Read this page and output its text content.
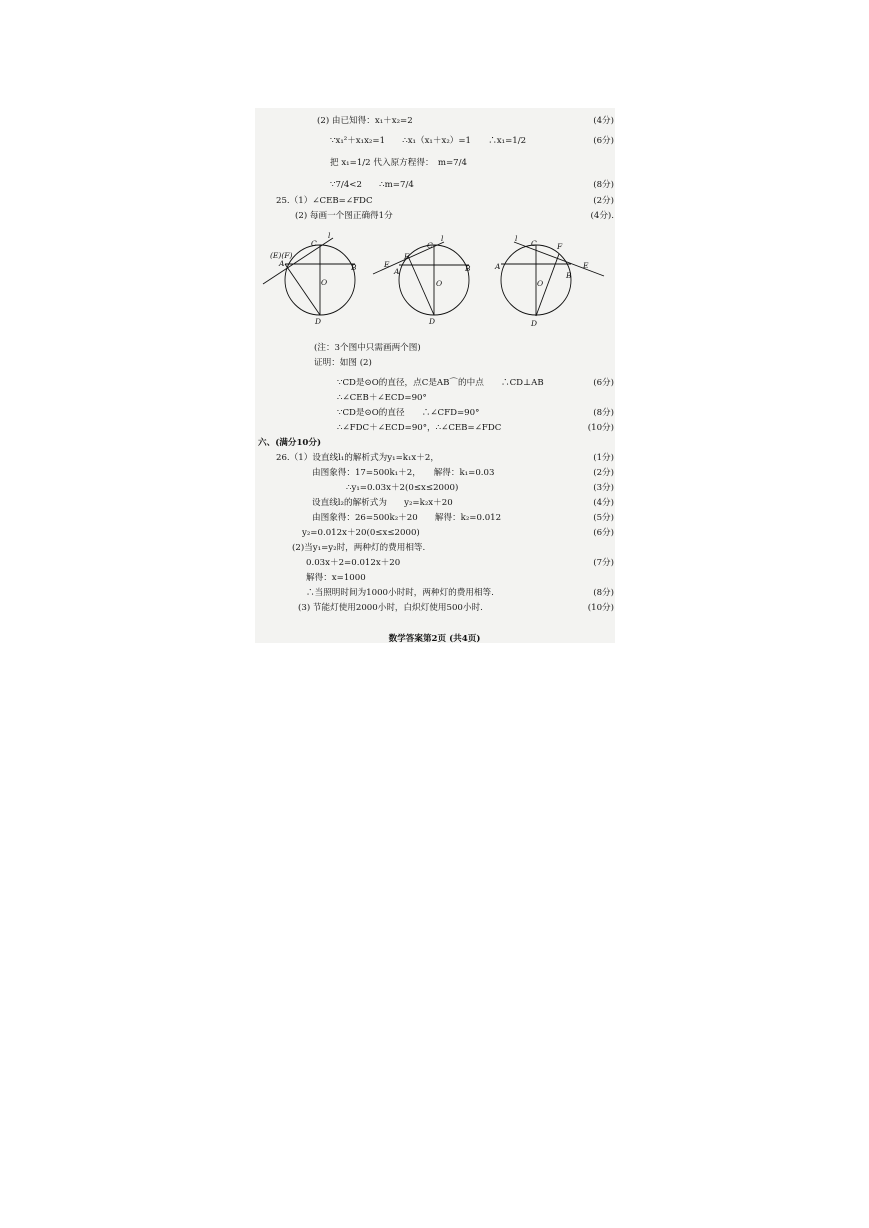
(2) 由已知得：x₁＋x₂=2	(4分)
∵x₁²＋x₁x₂=1　　∴x₁（x₁＋x₂）=1　　∴x₁=1/2	(6分)
把 x₁=1/2 代入原方程得：　m=7/4
∵7/4<2　　∴m=7/4	(8分)
25.（1）∠CEB=∠FDC	(2分)
(2) 每画一个图正确得1分	(4分).
(E)(F)
A
C
l
B
O
D
E
F
A
C
l
B
O
D
l
C	F
A
B
E
O
D
(注：3个图中只需画两个图)
证明：如图 (2)
∵CD是⊙O的直径，点C是AB⌒的中点　　∴CD⊥AB	(6分)
∴∠CEB＋∠ECD=90°
∵CD是⊙O的直径　　∴∠CFD=90°	(8分)
∴∠FDC＋∠ECD=90°，∴∠CEB=∠FDC	(10分)
六、(满分10分)
26.（1）设直线l₁的解析式为y₁=k₁x＋2，	(1分)
由图象得：17=500k₁＋2，　　解得：k₁=0.03	(2分)
∴y₁=0.03x＋2(0≤x≤2000)	(3分)
设直线l₂的解析式为　　y₂=k₂x＋20	(4分)
由图象得：26=500k₂＋20　　解得：k₂=0.012	(5分)
y₂=0.012x＋20(0≤x≤2000)	(6分)
(2)当y₁=y₂时，两种灯的费用相等.
0.03x＋2=0.012x＋20	(7分)
解得：x=1000
∴当照明时间为1000小时时，两种灯的费用相等.	(8分)
(3) 节能灯使用2000小时，白炽灯使用500小时.	(10分)
数学答案第2页 (共4页)
